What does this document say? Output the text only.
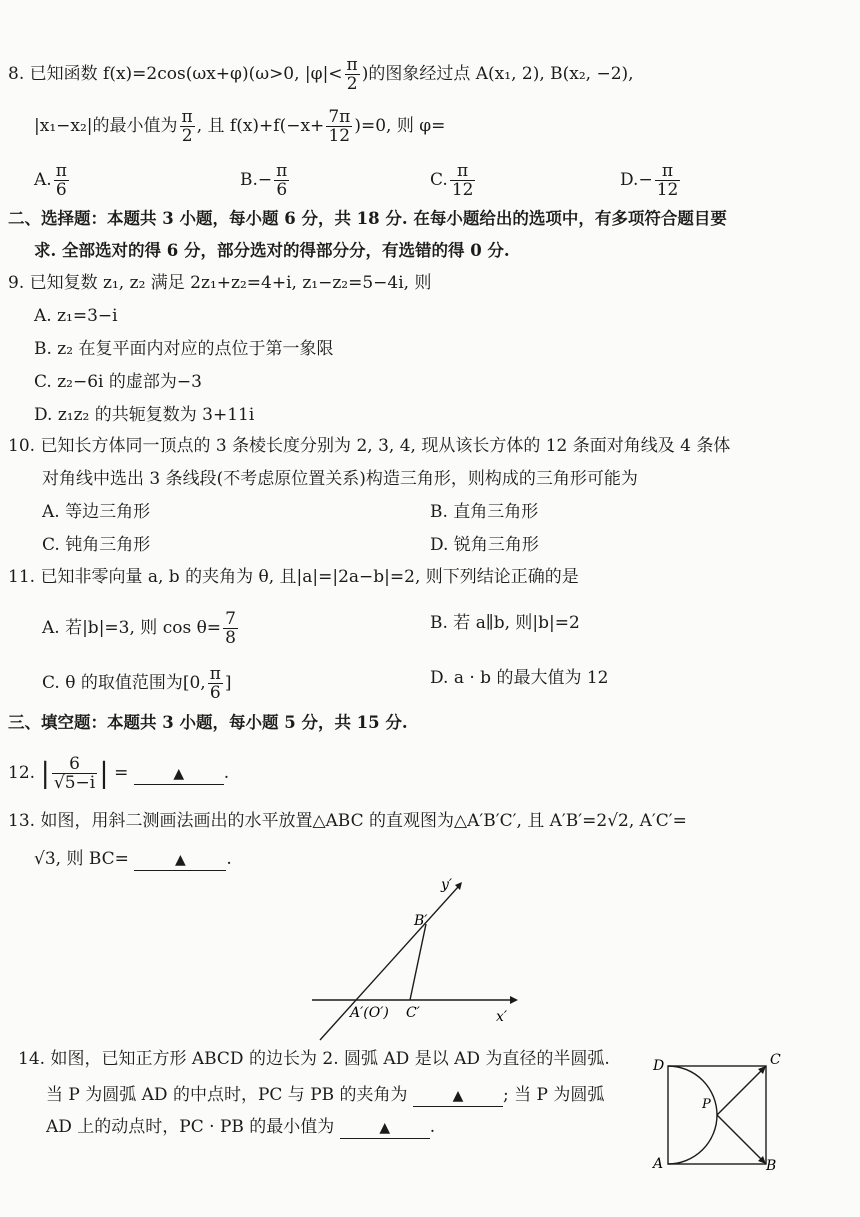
8. 已知函数 f(x)=2cos(ωx+φ)(ω>0, $|\varphi|< \frac{\pi}{2}$ )的图象经过点 A(x₁, 2), B(x₂, −2),
|x₁−x₂|的最小值为 $\frac{\pi}{2}$ , 且 $f(x)+f(-x+ \frac{7\pi}{12} )=0$, 则 φ=
A. $\frac{\pi}{6}$	$B.- \frac{\pi}{6}$	C. $\frac{\pi}{12}$	$D.- \frac{\pi}{12}$
二、选择题：本题共 3 小题，每小题 6 分，共 18 分. 在每小题给出的选项中，有多项符合题目要
求. 全部选对的得 6 分，部分选对的得部分分，有选错的得 0 分.
9. 已知复数 z₁, z₂ 满足 2z₁+z₂=4+i, z₁−z₂=5−4i, 则
A. z₁=3−i
B. z₂ 在复平面内对应的点位于第一象限
C. z₂−6i 的虚部为−3
D. z₁z₂ 的共轭复数为 3+11i
10. 已知长方体同一顶点的 3 条棱长度分别为 2, 3, 4, 现从该长方体的 12 条面对角线及 4 条体
对角线中选出 3 条线段(不考虑原位置关系)构造三角形，则构成的三角形可能为
A. 等边三角形	B. 直角三角形
C. 钝角三角形	D. 锐角三角形
11. 已知非零向量 a, b 的夹角为 θ, 且|a|=|2a−b|=2, 则下列结论正确的是
A. 若|b|=3, 则 $\cos \theta= \frac{7}{8}$	B. 若 a∥b, 则|b|=2
C. θ 的取值范围为[0, $\frac{\pi}{6}$ ]	D. a · b 的最大值为 12
三、填空题：本题共 3 小题，每小题 5 分，共 15 分.
12. | $\frac{6}{√5-i}$ | =	▲ .
13. 如图，用斜二测画法画出的水平放置△ABC 的直观图为△A′B′C′, 且 A′B′=2√2, A′C′=
√3, 则 BC=	▲ .
y′
x′
B′
A′(O′) C′
14. 如图，已知正方形 ABCD 的边长为 2. 圆弧 AD 是以 AD 为直径的半圆弧.
当 P 为圆弧 AD 的中点时，PC 与 PB 的夹角为	▲ ; 当 P 为圆弧
AD 上的动点时，PC · PB 的最小值为	▲ .
D	C
P
A	B
